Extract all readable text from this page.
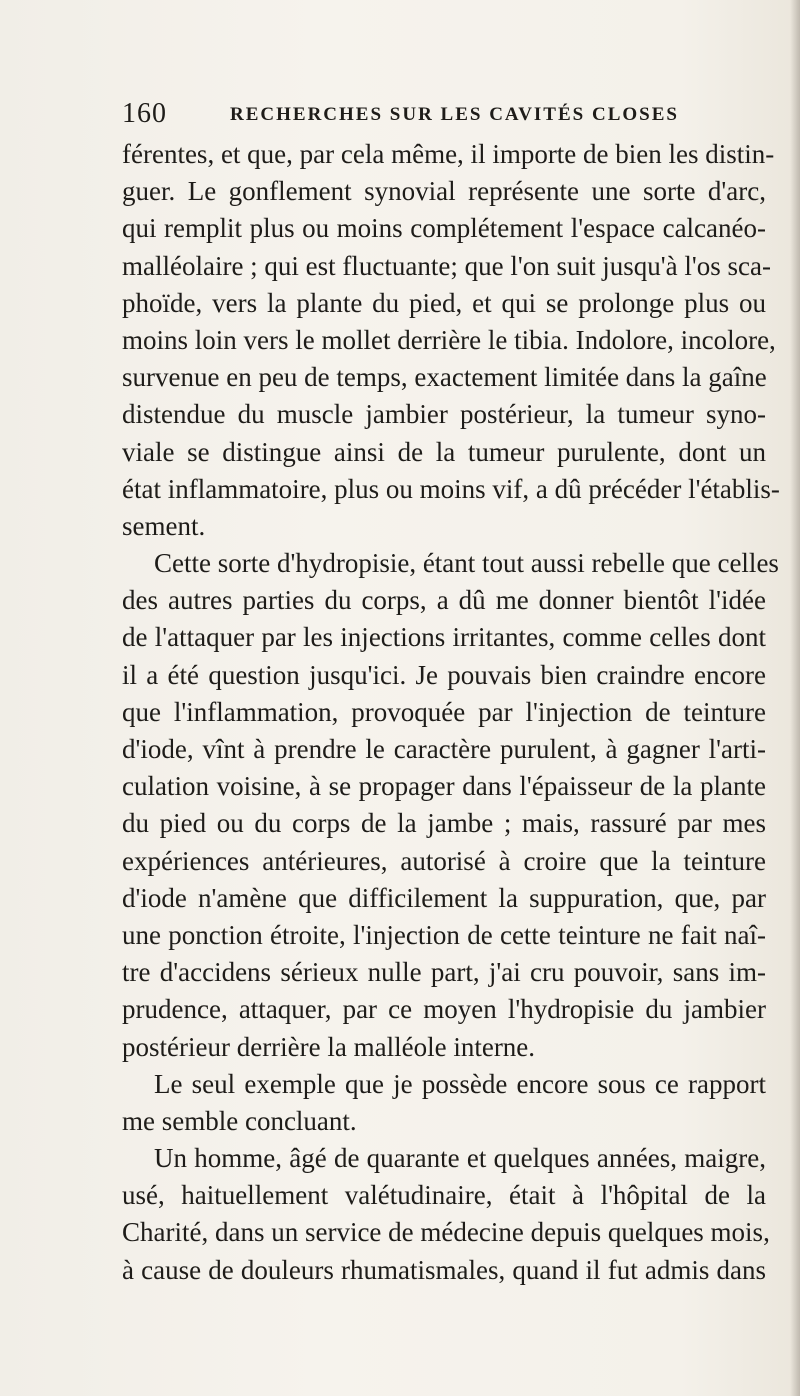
160	RECHERCHES SUR LES CAVITÉS CLOSES
férentes, et que, par cela même, il importe de bien les distin-
guer. Le gonflement synovial représente une sorte d'arc,
qui remplit plus ou moins complétement l'espace calcanéo-
malléolaire ; qui est fluctuante; que l'on suit jusqu'à l'os sca-
phoïde, vers la plante du pied, et qui se prolonge plus ou
moins loin vers le mollet derrière le tibia. Indolore, incolore,
survenue en peu de temps, exactement limitée dans la gaîne
distendue du muscle jambier postérieur, la tumeur syno-
viale se distingue ainsi de la tumeur purulente, dont un
état inflammatoire, plus ou moins vif, a dû précéder l'établis-
sement.
Cette sorte d'hydropisie, étant tout aussi rebelle que celles
des autres parties du corps, a dû me donner bientôt l'idée
de l'attaquer par les injections irritantes, comme celles dont
il a été question jusqu'ici. Je pouvais bien craindre encore
que l'inflammation, provoquée par l'injection de teinture
d'iode, vînt à prendre le caractère purulent, à gagner l'arti-
culation voisine, à se propager dans l'épaisseur de la plante
du pied ou du corps de la jambe ; mais, rassuré par mes
expériences antérieures, autorisé à croire que la teinture
d'iode n'amène que difficilement la suppuration, que, par
une ponction étroite, l'injection de cette teinture ne fait naî-
tre d'accidens sérieux nulle part, j'ai cru pouvoir, sans im-
prudence, attaquer, par ce moyen l'hydropisie du jambier
postérieur derrière la malléole interne.
Le seul exemple que je possède encore sous ce rapport
me semble concluant.
Un homme, âgé de quarante et quelques années, maigre,
usé, haituellement valétudinaire, était à l'hôpital de la
Charité, dans un service de médecine depuis quelques mois,
à cause de douleurs rhumatismales, quand il fut admis dans
